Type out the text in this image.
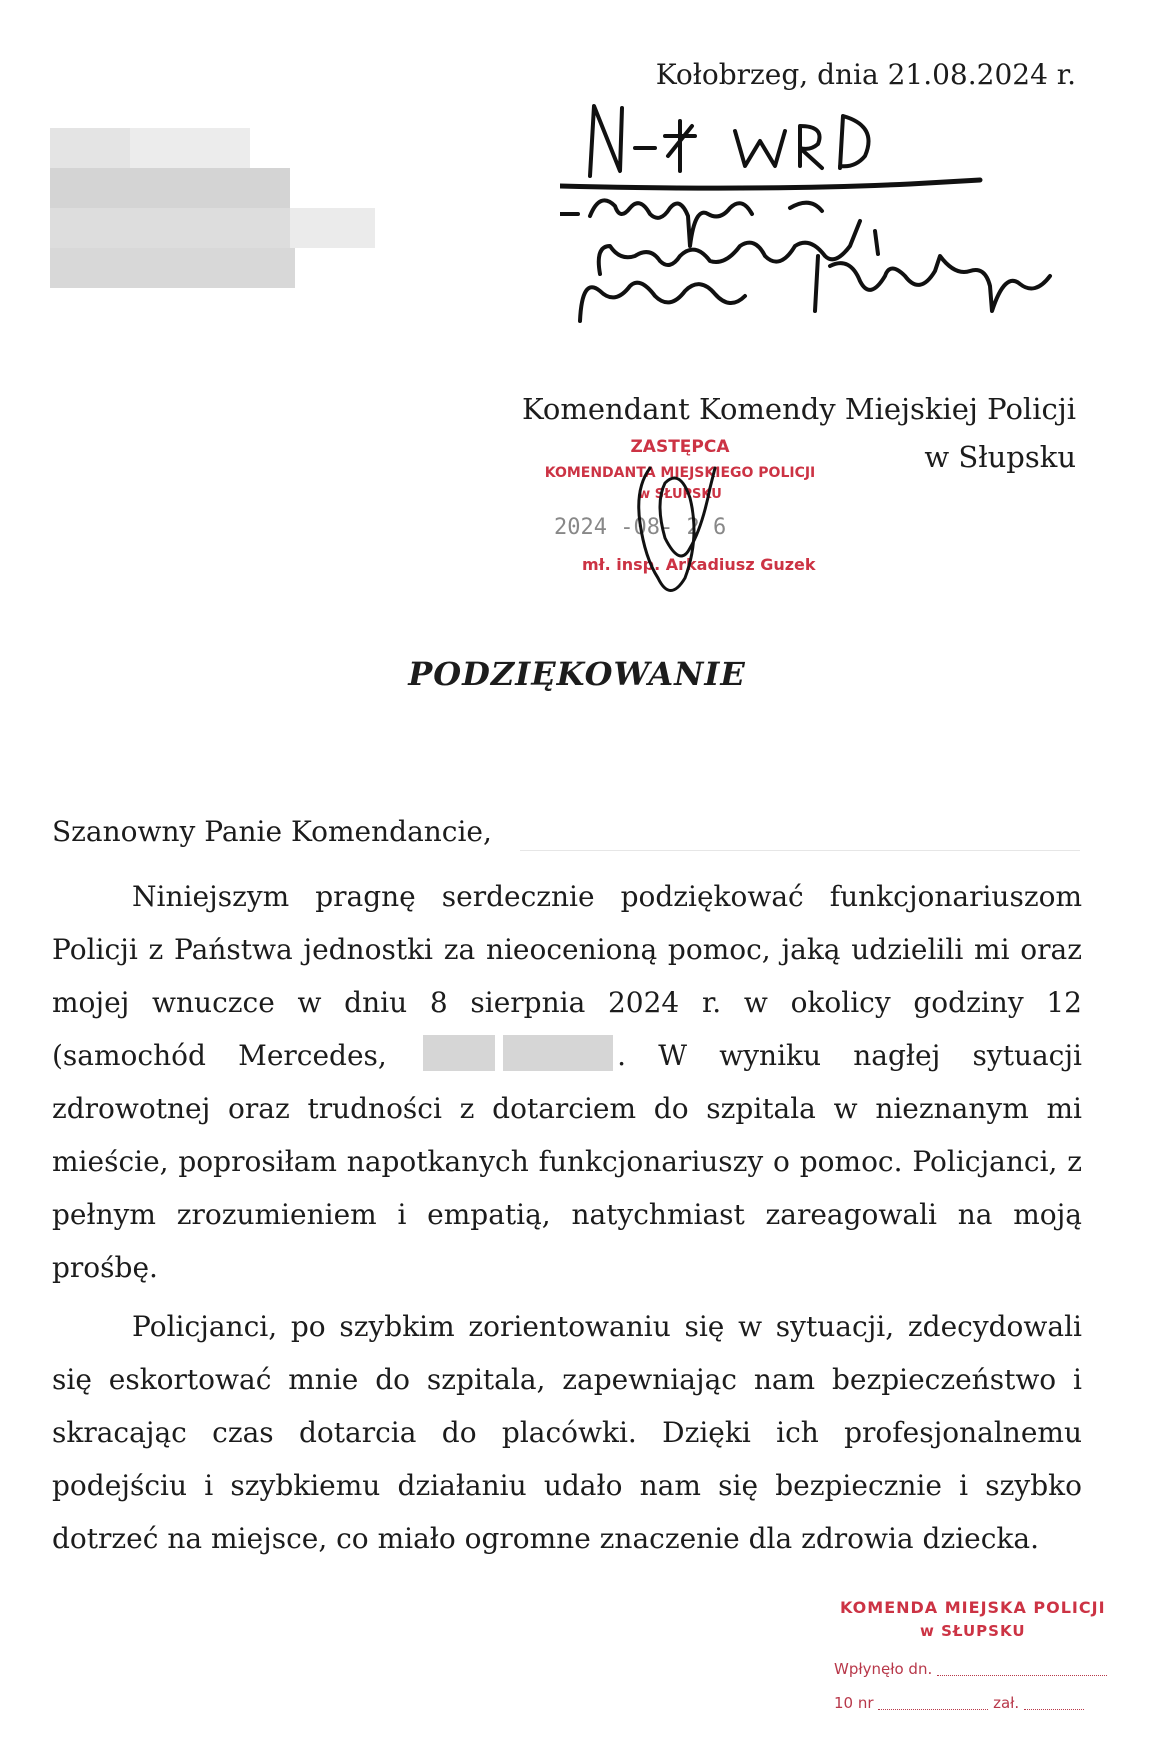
Kołobrzeg, dnia 21.08.2024 r.
Komendant Komendy Miejskiej Policji
w Słupsku
ZASTĘPCA
KOMENDANTA MIEJSKIEGO POLICJI
w SŁUPSKU
2024 -08- 2 6
mł. insp. Arkadiusz Guzek
PODZIĘKOWANIE
Szanowny Panie Komendancie,
Niniejszym pragnę serdecznie podziękować funkcjonariuszom Policji z Państwa jednostki za nieocenioną pomoc, jaką udzielili mi oraz mojej wnuczce w dniu 8 sierpnia 2024 r. w okolicy godziny 12 (samochód Mercedes,	. W wyniku nagłej sytuacji zdrowotnej oraz trudności z dotarciem do szpitala w nieznanym mi mieście, poprosiłam napotkanych funkcjonariuszy o pomoc. Policjanci, z pełnym zrozumieniem i empatią, natychmiast zareagowali na moją prośbę.
Policjanci, po szybkim zorientowaniu się w sytuacji, zdecydowali się eskortować mnie do szpitala, zapewniając nam bezpieczeństwo i skracając czas dotarcia do placówki. Dzięki ich profesjonalnemu podejściu i szybkiemu działaniu udało nam się bezpiecznie i szybko dotrzeć na miejsce, co miało ogromne znaczenie dla zdrowia dziecka.
KOMENDA MIEJSKA POLICJI
w SŁUPSKU
Wpłynęło dn.
10 nr	zał.
